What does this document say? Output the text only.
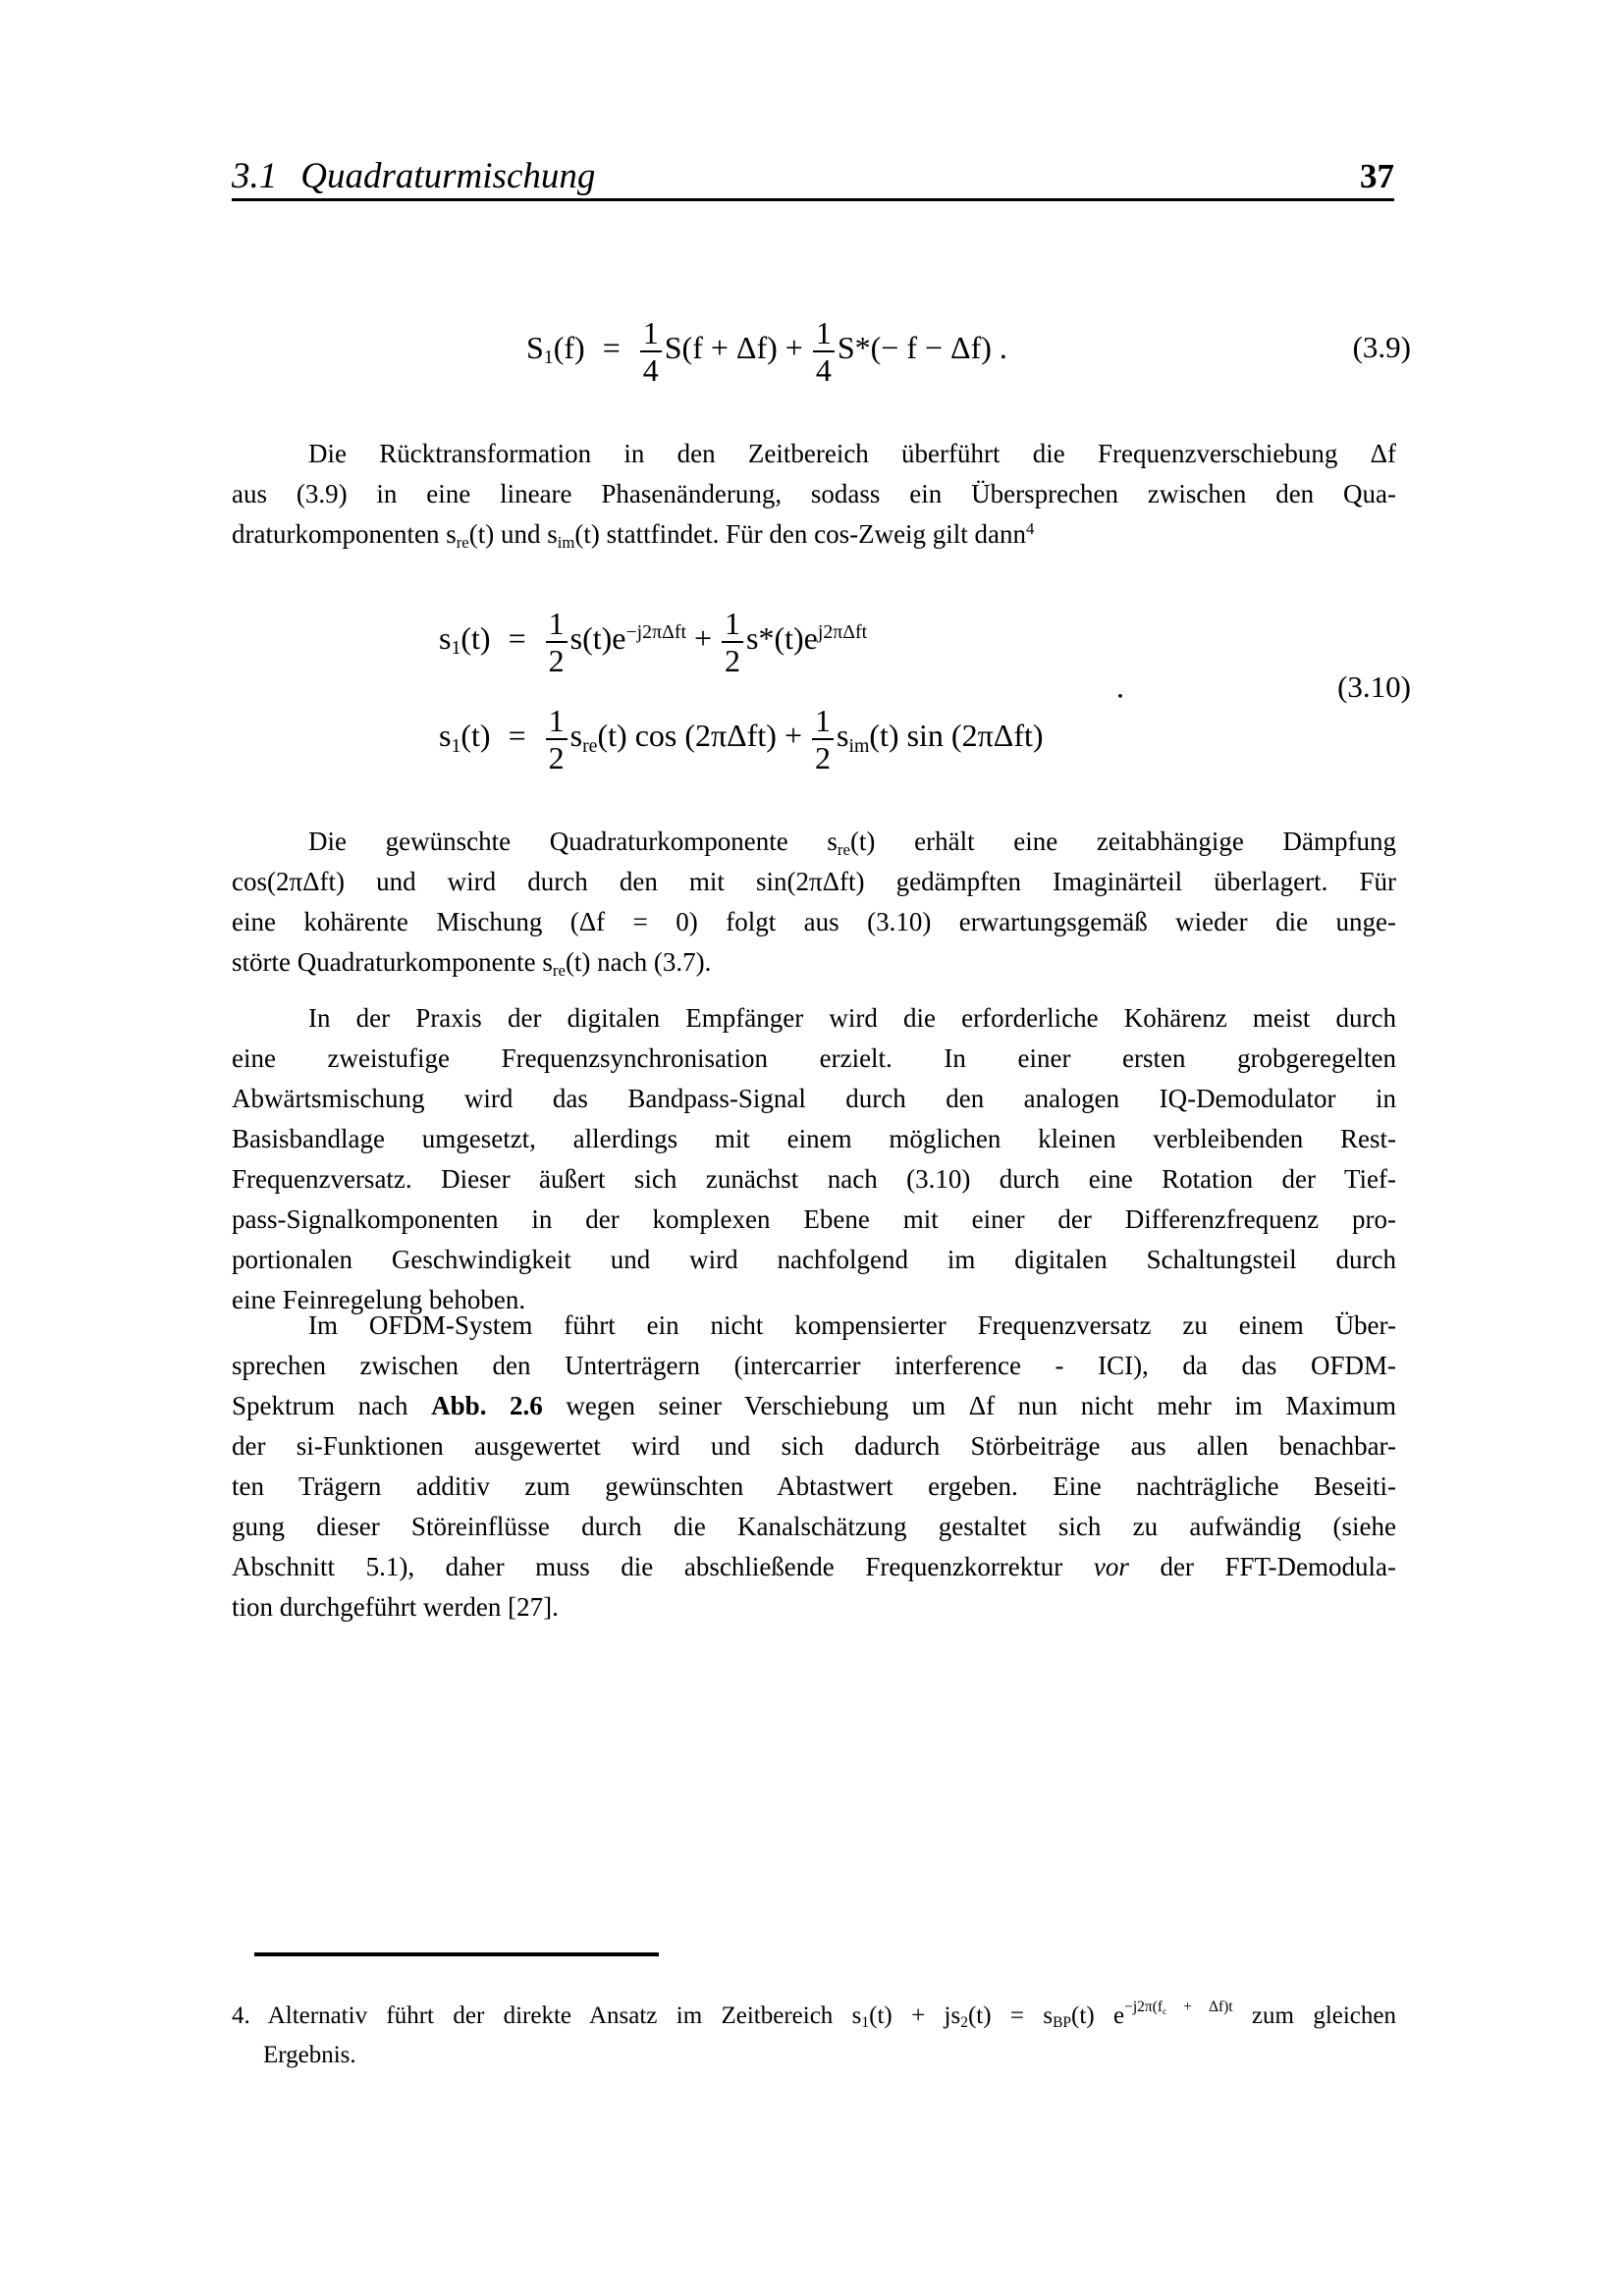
3.1 Quadraturmischung	37
$S_1(f) = \frac{1}{4} S(f + \Delta f) + \frac{1}{4} S*(- f - \Delta f)$ .	(3.9)
Die Rücktransformation in den Zeitbereich überführt die Frequenzverschiebung Δf
aus (3.9) in eine lineare Phasenänderung, sodass ein Übersprechen zwischen den Qua-
draturkomponenten $s_{re}(t)$ und $s_{im}(t)$ stattfindet. Für den cos-Zweig gilt dann$^4$
$s_1(t) = \frac{1}{2} s(t)e^{-j2\pi\Delta ft} + \frac{1}{2} s*(t)e^{j2\pi\Delta ft}$
$s_1(t) = \frac{1}{2} s_{re}(t)$ $\cos (2\pi\Delta ft) + \frac{1}{2} s_{im}(t)$ sin (2πΔft)
.	(3.10)
Die gewünschte Quadraturkomponente $s_{re}(t)$ erhält eine zeitabhängige Dämpfung
cos(2πΔft) und wird durch den mit sin(2πΔft) gedämpften Imaginärteil überlagert. Für
eine kohärente Mischung (Δf = 0) folgt aus (3.10) erwartungsgemäß wieder die unge-
störte Quadraturkomponente $s_{re}(t)$ nach (3.7).
In der Praxis der digitalen Empfänger wird die erforderliche Kohärenz meist durch
eine zweistufige Frequenzsynchronisation erzielt. In einer ersten grobgeregelten
Abwärtsmischung wird das Bandpass-Signal durch den analogen IQ-Demodulator in
Basisbandlage umgesetzt, allerdings mit einem möglichen kleinen verbleibenden Rest-
Frequenzversatz. Dieser äußert sich zunächst nach (3.10) durch eine Rotation der Tief-
pass-Signalkomponenten in der komplexen Ebene mit einer der Differenzfrequenz pro-
portionalen Geschwindigkeit und wird nachfolgend im digitalen Schaltungsteil durch
eine Feinregelung behoben.
Im OFDM-System führt ein nicht kompensierter Frequenzversatz zu einem Über-
sprechen zwischen den Unterträgern (intercarrier interference - ICI), da das OFDM-
Spektrum nach Abb. 2.6 wegen seiner Verschiebung um Δf nun nicht mehr im Maximum
der si-Funktionen ausgewertet wird und sich dadurch Störbeiträge aus allen benachbar-
ten Trägern additiv zum gewünschten Abtastwert ergeben. Eine nachträgliche Beseiti-
gung dieser Störeinflüsse durch die Kanalschätzung gestaltet sich zu aufwändig (siehe
Abschnitt 5.1), daher muss die abschließende Frequenzkorrektur vor der FFT-Demodula-
tion durchgeführt werden [27].
4. Alternativ führt der direkte Ansatz im Zeitbereich $s_1(t) + js_2(t) = s_{BP}(t)$ $e^{-j2\pi(f_c + \Delta f)t}$ zum gleichen
Ergebnis.
